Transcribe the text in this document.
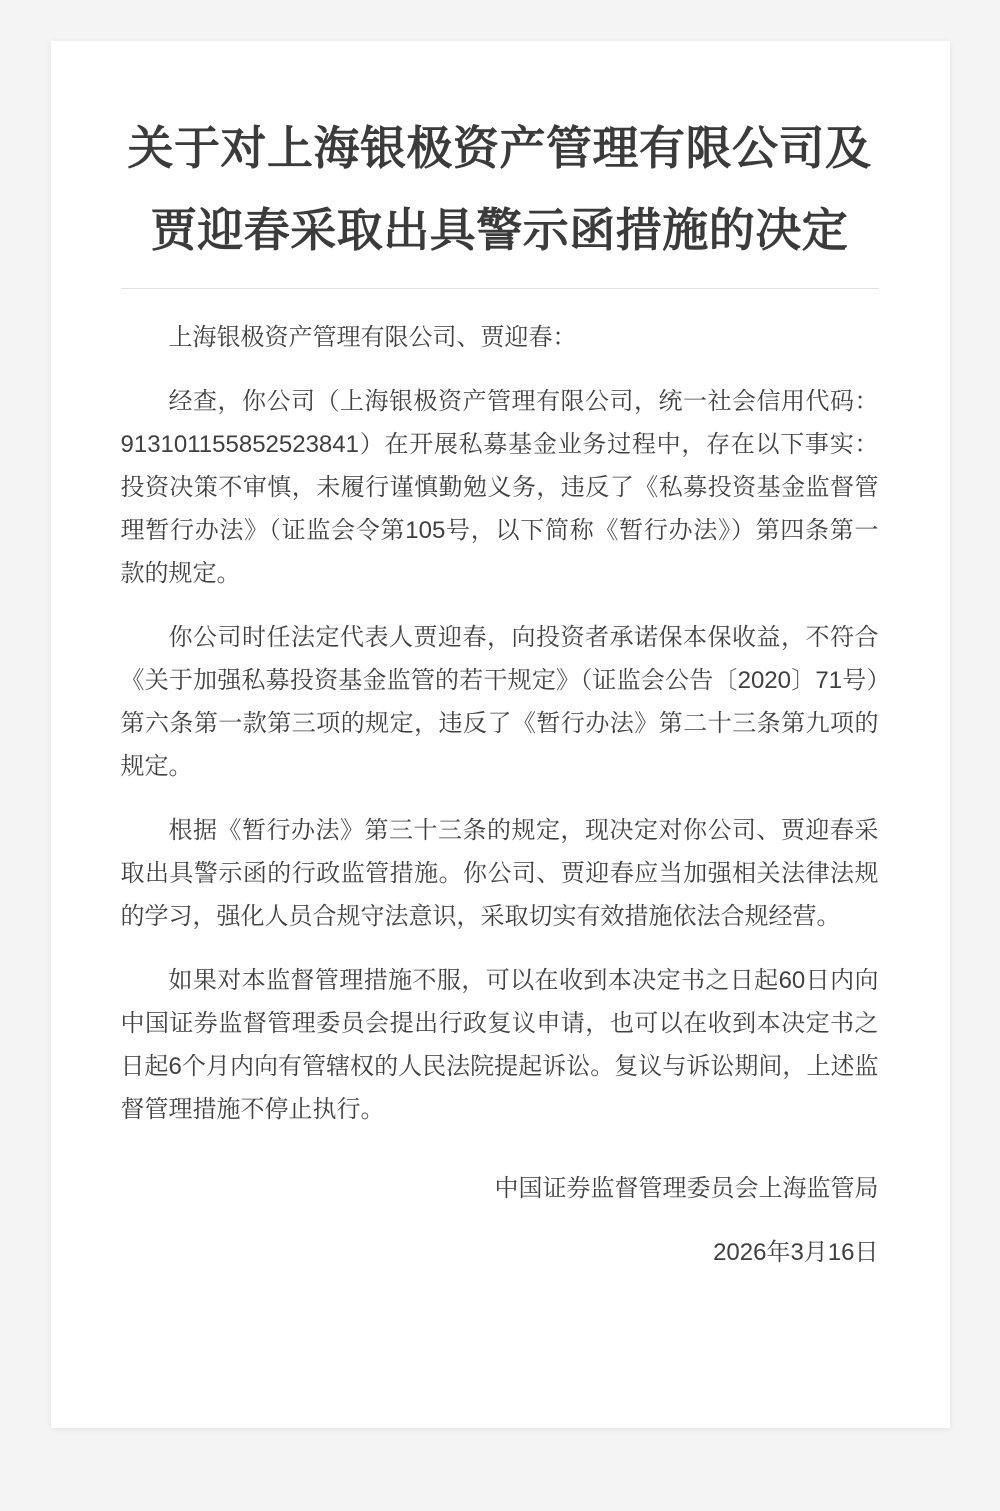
关于对上海银极资产管理有限公司及贾迎春采取出具警示函措施的决定

上海银极资产管理有限公司、贾迎春：

经查，你公司（上海银极资产管理有限公司，统一社会信用代码：913101155852523841）在开展私募基金业务过程中，存在以下事实：投资决策不审慎，未履行谨慎勤勉义务，违反了《私募投资基金监督管理暂行办法》（证监会令第105号，以下简称《暂行办法》）第四条第一款的规定。

你公司时任法定代表人贾迎春，向投资者承诺保本保收益，不符合《关于加强私募投资基金监管的若干规定》（证监会公告〔2020〕71号）第六条第一款第三项的规定，违反了《暂行办法》第二十三条第九项的规定。

根据《暂行办法》第三十三条的规定，现决定对你公司、贾迎春采取出具警示函的行政监管措施。你公司、贾迎春应当加强相关法律法规的学习，强化人员合规守法意识，采取切实有效措施依法合规经营。

如果对本监督管理措施不服，可以在收到本决定书之日起60日内向中国证券监督管理委员会提出行政复议申请，也可以在收到本决定书之日起6个月内向有管辖权的人民法院提起诉讼。复议与诉讼期间，上述监督管理措施不停止执行。

中国证券监督管理委员会上海监管局

2026年3月16日
